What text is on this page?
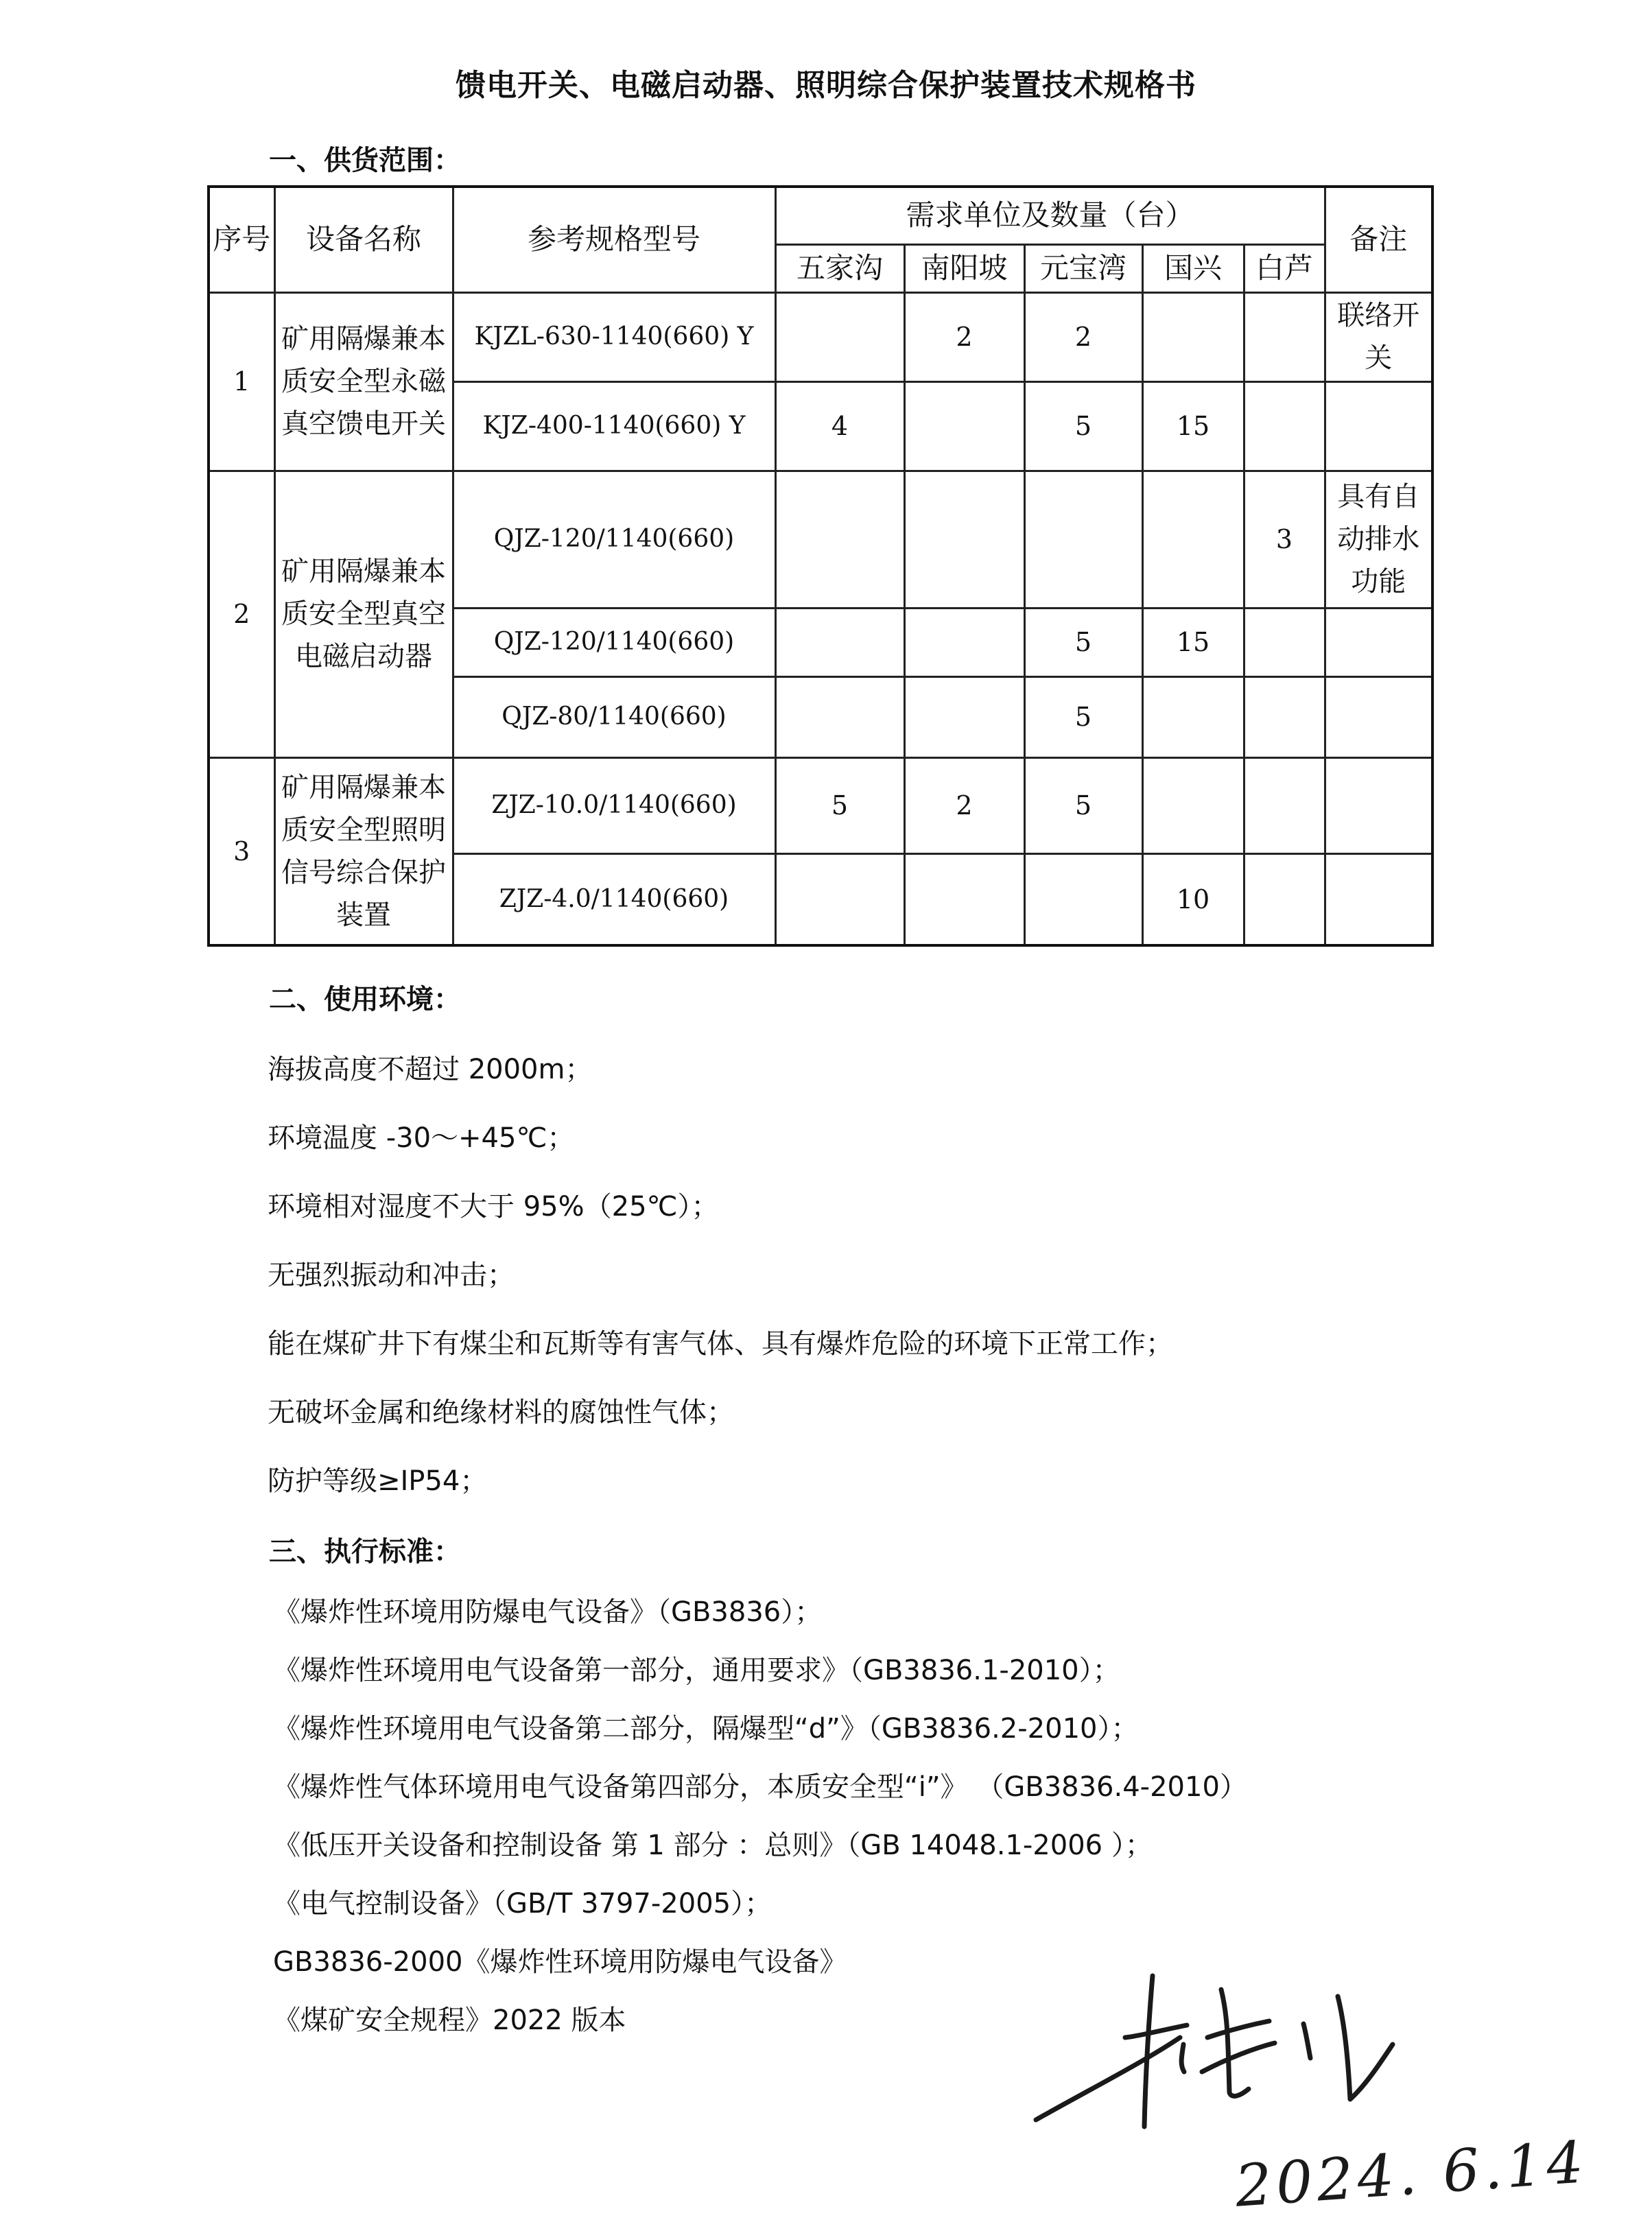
馈电开关、电磁启动器、照明综合保护装置技术规格书
一、供货范围：
序号	设备名称	参考规格型号	需求单位及数量（台）					备注
			五家沟	南阳坡	元宝湾	国兴	白芦	
1	矿用隔爆兼本质安全型永磁真空馈电开关	KJZL-630-1140(660) Y		2	2			联络开关
		KJZ-400-1140(660) Y	4		5	15		
2	矿用隔爆兼本质安全型真空电磁启动器	QJZ-120/1140(660)					3	具有自动排水功能
		QJZ-120/1140(660)			5	15		
		QJZ-80/1140(660)			5			
3	矿用隔爆兼本质安全型照明信号综合保护装置	ZJZ-10.0/1140(660)	5	2	5			
		ZJZ-4.0/1140(660)				10		
二、使用环境：
海拔高度不超过 2000m；
环境温度 -30～+45℃；
环境相对湿度不大于 95%（25℃）；
无强烈振动和冲击；
能在煤矿井下有煤尘和瓦斯等有害气体、具有爆炸危险的环境下正常工作；
无破坏金属和绝缘材料的腐蚀性气体；
防护等级≥IP54；
三、执行标准：
《爆炸性环境用防爆电气设备》（GB3836）；
《爆炸性环境用电气设备第一部分，通用要求》（GB3836.1-2010）；
《爆炸性环境用电气设备第二部分，隔爆型“d”》（GB3836.2-2010）；
《爆炸性气体环境用电气设备第四部分，本质安全型“i”》 （GB3836.4-2010）
《低压开关设备和控制设备 第 1 部分 ：总则》（GB 14048.1-2006 ）；
《电气控制设备》（GB/T 3797-2005）；
GB3836-2000《爆炸性环境用防爆电气设备》
《煤矿安全规程》2022 版本
2024. 6.14
